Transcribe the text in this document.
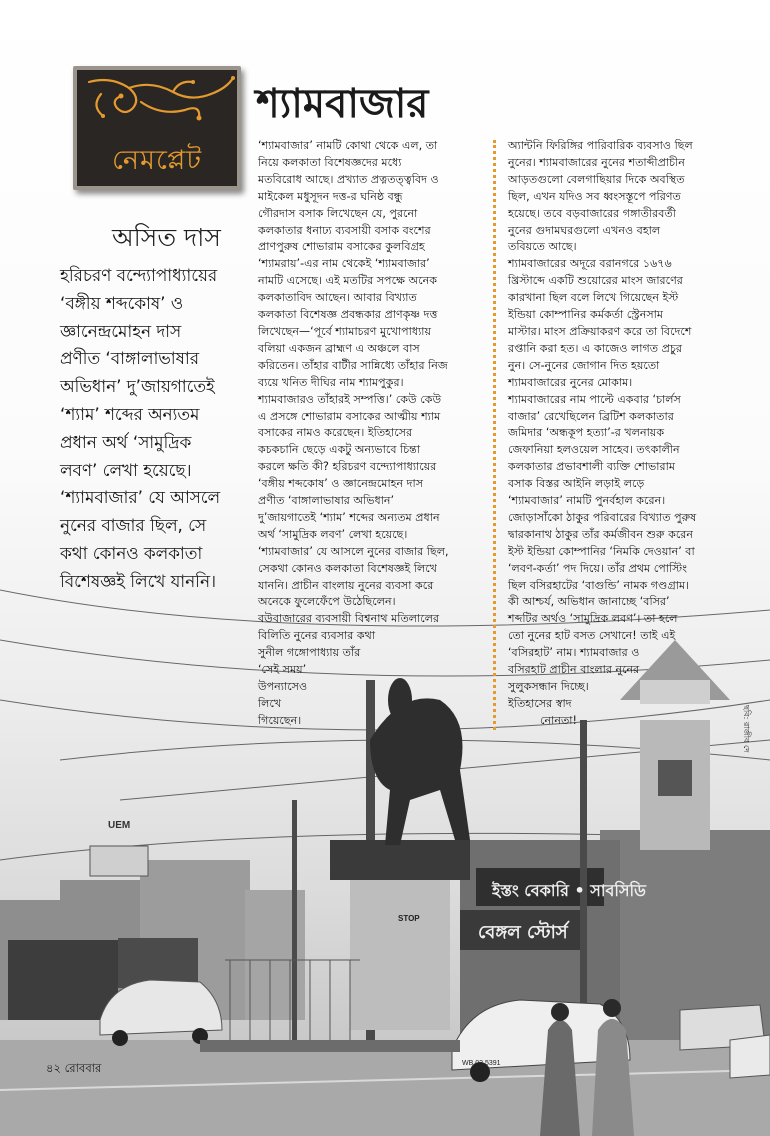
UEM
ইস্তং বেকারি • সাবসিডি
বেঙ্গল স্টোর্স
STOP
WB 02 5391
নেমপ্লেট
শ্যামবাজার
অসিত দাস

হরিচরণ বন্দ্যোপাধ্যায়ের

‘বঙ্গীয় শব্দকোষ’ ও

জ্ঞানেন্দ্রমোহন দাস

প্রণীত ‘বাঙ্গালাভাষার

অভিধান’ দু’জায়গাতেই

‘শ্যাম’ শব্দের অন্যতম

প্রধান অর্থ ‘সামুদ্রিক

লবণ’ লেখা হয়েছে।

‘শ্যামবাজার’ যে আসলে

নুনের বাজার ছিল, সে

কথা কোনও কলকাতা

বিশেষজ্ঞই লিখে যাননি।

‘শ্যামবাজার’ নামটি কোথা থেকে এল, তা

নিয়ে কলকাতা বিশেষজ্ঞদের মধ্যে

মতবিরোধ আছে। প্রখ্যাত প্রত্নতত্ত্ববিদ ও

মাইকেল মধুসূদন দত্ত-র ঘনিষ্ঠ বন্ধু

গৌরদাস বসাক লিখেছেন যে, পুরনো

কলকাতার ধনাঢ্য ব্যবসায়ী বসাক বংশের

প্রাণপুরুষ শোভারাম বসাকের কুলবিগ্রহ

‘শ্যামরায়’-এর নাম থেকেই ‘শ্যামবাজার’

নামটি এসেছে। এই মতটির সপক্ষে অনেক

কলকাতাবিদ আছেন। আবার বিখ্যাত

কলকাতা বিশেষজ্ঞ প্রবন্ধকার প্রাণকৃষ্ণ দত্ত

লিখেছেন—‘পূর্বে শ্যামাচরণ মুখোপাধ্যায়

বলিয়া একজন ব্রাহ্মণ এ অঞ্চলে বাস

করিতেন। তাঁহার বাটীর সান্নিধ্যে তাঁহার নিজ

ব্যয়ে খনিত দীঘির নাম শ্যামপুকুর।

শ্যামবাজারও তাঁহারই সম্পত্তি।’ কেউ কেউ

এ প্রসঙ্গে শোভারাম বসাকের আত্মীয় শ্যাম

বসাকের নামও করেছেন। ইতিহাসের

কচকচানি ছেড়ে একটু অন্যভাবে চিন্তা

করলে ক্ষতি কী? হরিচরণ বন্দ্যোপাধ্যায়ের

‘বঙ্গীয় শব্দকোষ’ ও জ্ঞানেন্দ্রমোহন দাস

প্রণীত ‘বাঙ্গালাভাষার অভিধান’

দু’জায়গাতেই ‘শ্যাম’ শব্দের অন্যতম প্রধান

অর্থ ‘সামুদ্রিক লবণ’ লেখা হয়েছে।

‘শ্যামবাজার’ যে আসলে নুনের বাজার ছিল,

সেকথা কোনও কলকাতা বিশেষজ্ঞই লিখে

যাননি। প্রাচীন বাংলায় নুনের ব্যবসা করে

অনেকে ফুলেফেঁপে উঠেছিলেন।

বউবাজারের ব্যবসায়ী বিশ্বনাথ মতিলালের

বিলিতি নুনের ব্যবসার কথা

সুনীল গঙ্গোপাধ্যায় তাঁর

‘সেই সময়’

উপন্যাসেও

লিখে

গিয়েছেন।

অ্যান্টনি ফিরিঙ্গির পারিবারিক ব্যবসাও ছিল

নুনের। শ্যামবাজারের নুনের শতাব্দীপ্রাচীন

আড়তগুলো বেলগাছিয়ার দিকে অবস্থিত

ছিল, এখন যদিও সব ধ্বংসস্তূপে পরিণত

হয়েছে। তবে বড়বাজারের গঙ্গাতীরবর্তী

নুনের গুদামঘরগুলো এখনও বহাল

তবিয়তে আছে।

শ্যামবাজারের অদূরে বরানগরে ১৬৭৬

খ্রিস্টাব্দে একটি শুয়োরের মাংস জারণের

কারখানা ছিল বলে লিখে গিয়েছেন ইস্ট

ইন্ডিয়া কোম্পানির কর্মকর্তা স্ট্রেনসাম

মাস্টার। মাংস প্রক্রিয়াকরণ করে তা বিদেশে

রপ্তানি করা হত। এ কাজেও লাগত প্রচুর

নুন। সে-নুনের জোগান দিত হয়তো

শ্যামবাজারের নুনের মোকাম।

শ্যামবাজারের নাম পাল্টে একবার ‘চার্লস

বাজার’ রেখেছিলেন ব্রিটিশ কলকাতার

জমিদার ‘অন্ধকূপ হত্যা’-র খলনায়ক

জেফানিয়া হলওয়েল সাহেব। তৎকালীন

কলকাতার প্রভাবশালী ব্যক্তি শোভারাম

বসাক বিস্তর আইনি লড়াই লড়ে

‘শ্যামবাজার’ নামটি পুনর্বহাল করেন।

জোড়াসাঁকো ঠাকুর পরিবারের বিখ্যাত পুরুষ

দ্বারকানাথ ঠাকুর তাঁর কর্মজীবন শুরু করেন

ইস্ট ইন্ডিয়া কোম্পানির ‘নিমকি দেওয়ান’ বা

‘লবণ-কর্তা’ পদ দিয়ে। তাঁর প্রথম পোস্টিং

ছিল বসিরহাটের ‘বাগুন্ডি’ নামক গণ্ডগ্রাম।

কী আশ্চর্য, অভিধান জানাচ্ছে ‘বসির’

শব্দটির অর্থও ‘সামুদ্রিক লবণ’। তা হলে

তো নুনের হাট বসত সেখানে! তাই এই

‘বসিরহাট’ নাম। শ্যামবাজার ও

বসিরহাট প্রাচীন বাংলার নুনের

সুলুকসন্ধান দিচ্ছে।

ইতিহাসের স্বাদ

নোনতা!	ছবি: রাজীব দে
৪২ রোববার
